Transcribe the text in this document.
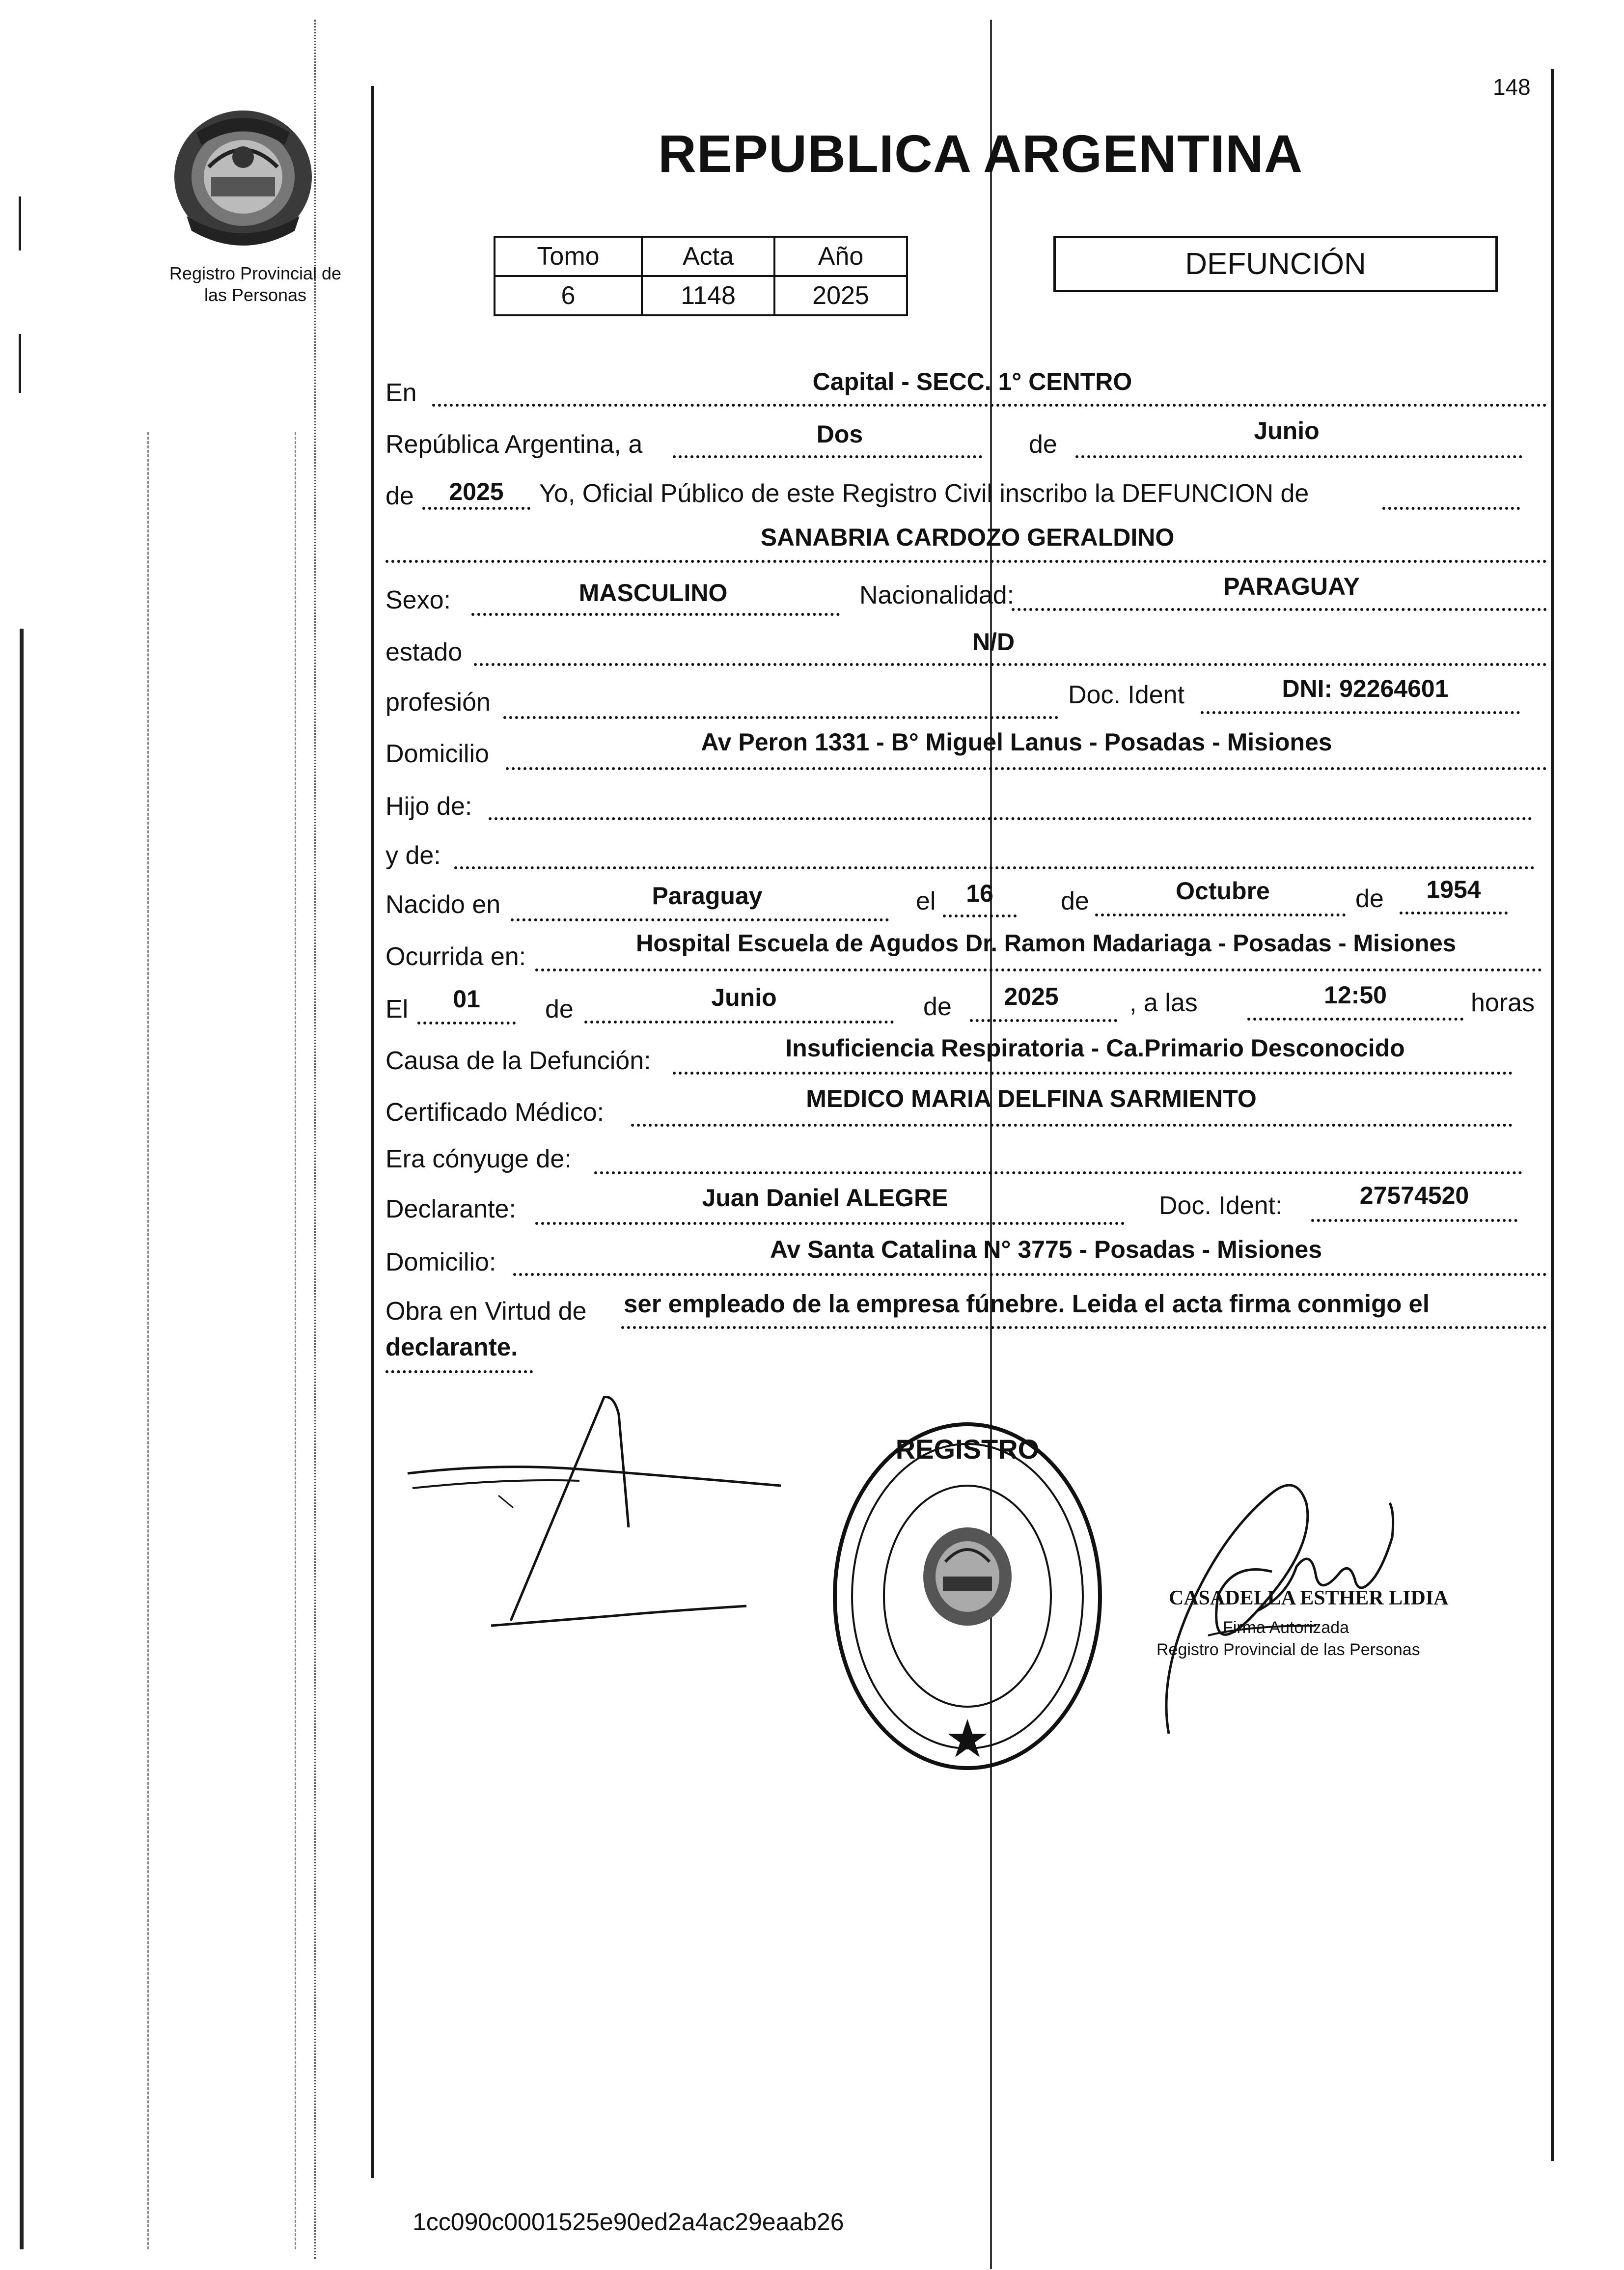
148
Registro Provincial de
las Personas
REPUBLICA ARGENTINA
Tomo	Acta	Año
6	1148	2025
DEFUNCIÓN
En	Capital - SECC. 1° CENTRO
República Argentina, a	Dos	de	Junio
de	2025	Yo, Oficial Público de este Registro Civil inscribo la DEFUNCION de
SANABRIA CARDOZO GERALDINO
Sexo:	MASCULINO	Nacionalidad:	PARAGUAY
estado	N/D
profesión	Doc. Ident	DNI: 92264601
Domicilio	Av Peron 1331 - B° Miguel Lanus - Posadas - Misiones
Hijo de:
y de:
Nacido en	Paraguay	el	16	de	Octubre	de	1954
Ocurrida en:	Hospital Escuela de Agudos Dr. Ramon Madariaga - Posadas - Misiones
El	01	de	Junio	de	2025	, a las	12:50	horas
Causa de la Defunción:	Insuficiencia Respiratoria - Ca.Primario Desconocido
Certificado Médico:	MEDICO MARIA DELFINA SARMIENTO
Era cónyuge de:
Declarante:	Juan Daniel ALEGRE	Doc. Ident:	27574520
Domicilio:	Av Santa Catalina N° 3775 - Posadas - Misiones
Obra en Virtud de ser empleado de la empresa fúnebre. Leida el acta firma conmigo el
declarante.
REGISTRO
CASADELLA ESTHER LIDIA
Firma Autorizada
Registro Provincial de las Personas
1cc090c0001525e90ed2a4ac29eaab26
